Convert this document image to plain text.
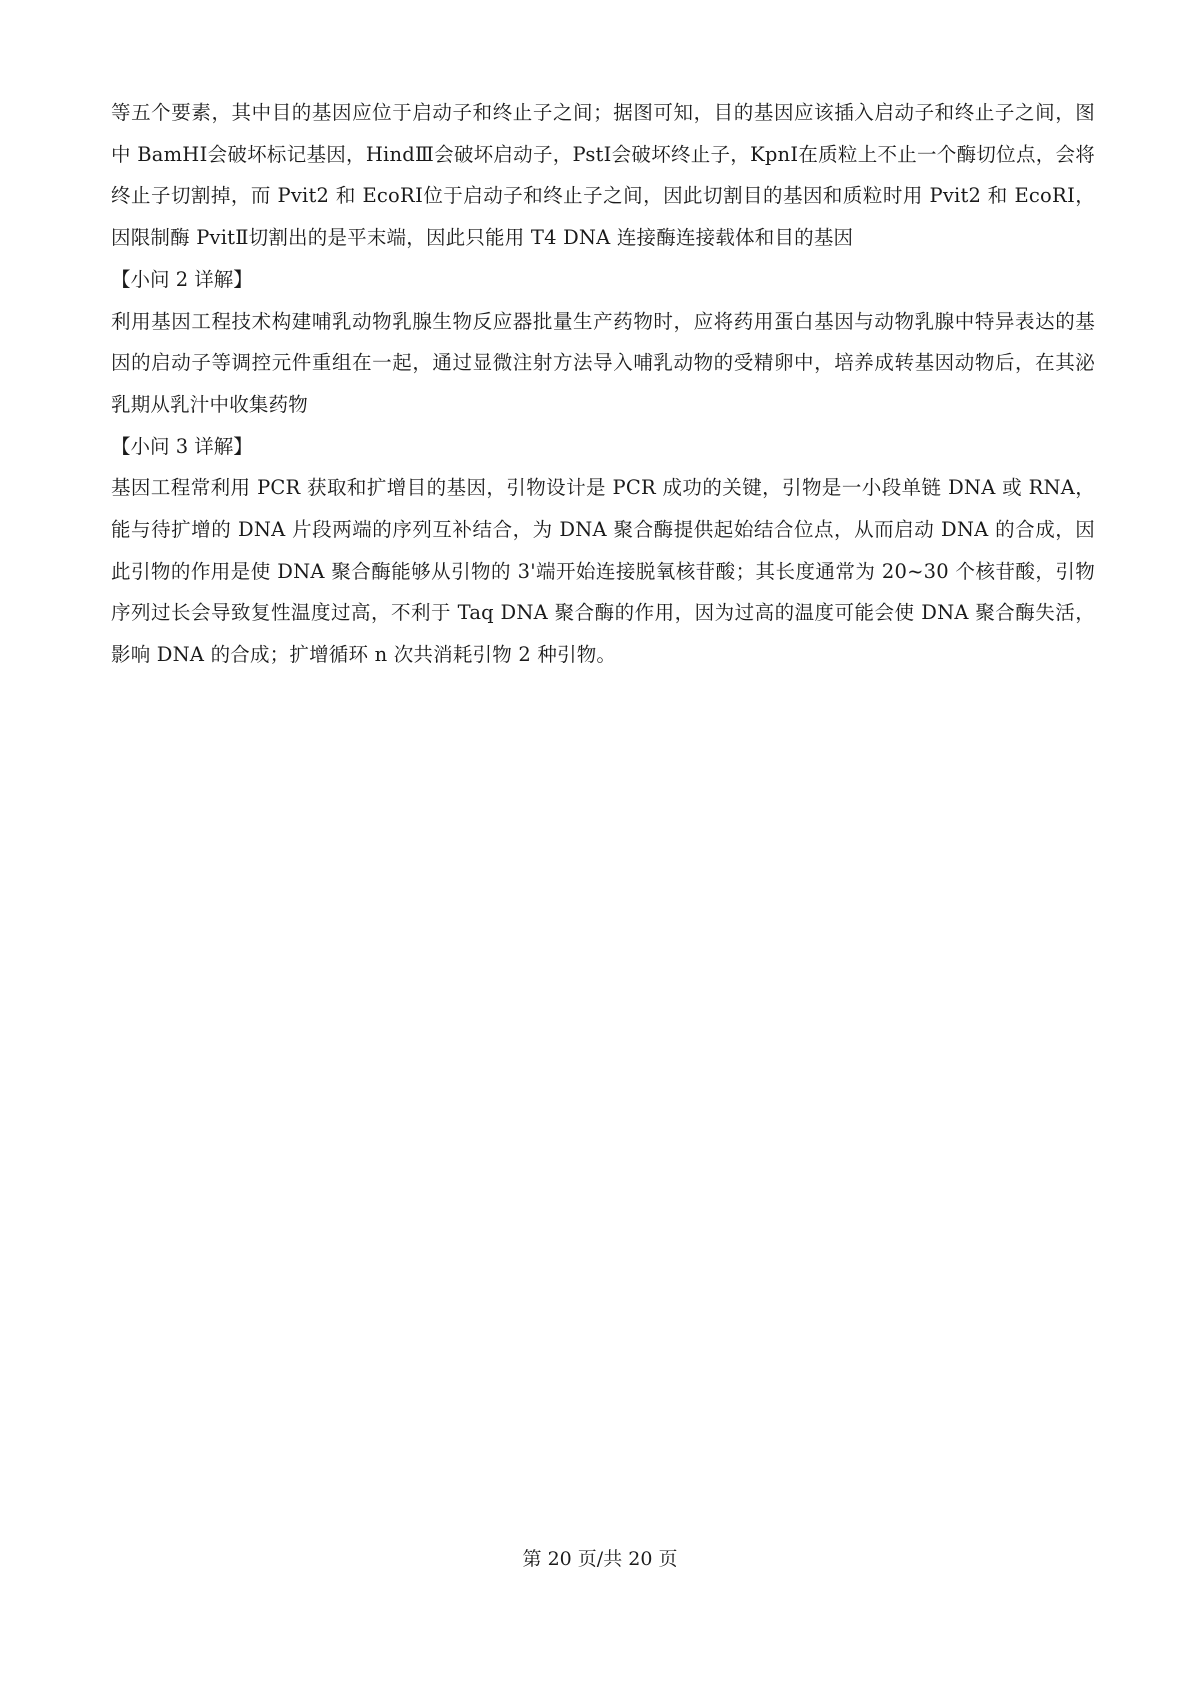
等五个要素，其中目的基因应位于启动子和终止子之间；据图可知，目的基因应该插入启动子和终止子之间，图中 BamHⅠ会破坏标记基因，HindⅢ会破坏启动子，PstⅠ会破坏终止子，KpnⅠ在质粒上不止一个酶切位点，会将终止子切割掉，而 Pvit2 和 EcoRⅠ位于启动子和终止子之间，因此切割目的基因和质粒时用 Pvit2 和 EcoRⅠ，因限制酶 PvitⅡ切割出的是平末端，因此只能用 T4 DNA 连接酶连接载体和目的基因

【小问 2 详解】

利用基因工程技术构建哺乳动物乳腺生物反应器批量生产药物时，应将药用蛋白基因与动物乳腺中特异表达的基因的启动子等调控元件重组在一起，通过显微注射方法导入哺乳动物的受精卵中，培养成转基因动物后，在其泌乳期从乳汁中收集药物

【小问 3 详解】

基因工程常利用 PCR 获取和扩增目的基因，引物设计是 PCR 成功的关键，引物是一小段单链 DNA 或 RNA，能与待扩增的 DNA 片段两端的序列互补结合，为 DNA 聚合酶提供起始结合位点，从而启动 DNA 的合成，因此引物的作用是使 DNA 聚合酶能够从引物的 3'端开始连接脱氧核苷酸；其长度通常为 20~30 个核苷酸，引物序列过长会导致复性温度过高，不利于 Taq DNA 聚合酶的作用，因为过高的温度可能会使 DNA 聚合酶失活，影响 DNA 的合成；扩增循环 n 次共消耗引物 2 种引物。

第 20 页/共 20 页
